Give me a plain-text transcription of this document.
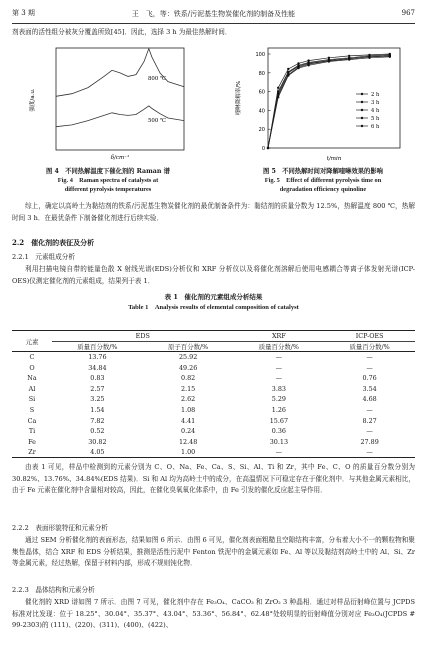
第 3 期	967
王　飞，等：铁系/污泥基生物炭催化剂的制备及性能
剂表面的活性组分被灰分覆盖所致[45]．因此，选择 3 h 为最佳热解时间．
强度/a.u.
δ/cm⁻¹
800 ℃
500 ℃
图 4　不同热解温度下催化剂的 Raman 谱
Fig. 4　Raman spectra of catalysts at
different pyrolysis temperatures
喹啉降解率/%
t/min
0
20
40
60
80
100
2 h
3 h
4 h
5 h
6 h
图 5　不同热解时间对降解喹啉效果的影响
Fig. 5　Effect of different pyrolysis time on
degradation efficiency quinoline
综上，确定以高岭土为黏结剂的铁系/污泥基生物炭催化剂的最优制备条件为：黏结剂的质量分数为 12.5%，热解温度 800 ℃，热解时间 3 h．在最优条件下制备催化剂进行后续实验．
2.2　催化剂的表征及分析
2.2.1　元素组成分析
利用扫描电镜自带的能量色散 X 射线光谱(EDS)分析仪和 XRF 分析仪以及将催化剂溶解后使用电感耦合等离子体发射光谱(ICP-OES)仪测定催化剂的元素组成，结果列于表 1．
表 1　催化剂的元素组成分析结果
Table 1　Analysis results of elemental composition of catalyst
元素	EDS		XRF	ICP-OES
	质量百分数/%	原子百分数/%	质量百分数/%	质量百分数/%
C	13.76	25.92	—	—
O	34.84	49.26	—	—
Na	0.83	0.82	—	0.76
Al	2.57	2.15	3.83	3.54
Si	3.25	2.62	5.29	4.68
S	1.54	1.08	1.26	—
Ca	7.82	4.41	15.67	8.27
Ti	0.52	0.24	0.36	—
Fe	30.82	12.48	30.13	27.89
Zr	4.05	1.00	—	—
由表 1 可见，样品中检测到的元素分别为 C、O、Na、Fe、Ca、S、Si、Al、Ti 和 Zr，其中 Fe、C、O 的质量百分数分别为 30.82%、13.76%、34.84%(EDS 结果)．Si 和 Al 均为高岭土中的成分，在高温情况下可稳定存在于催化剂中．与其他金属元素相比，由于 Fe 元素在催化剂中含量相对较高，因此，在催化臭氧氧化体系中，由 Fe 引发的催化反应起主导作用．
2.2.2　表面形貌特征和元素分析
通过 SEM 分析催化剂的表面形态，结果如图 6 所示．由图 6 可见，催化剂表面粗糙且空隙结构丰富，分布着大小不一的颗粒物和聚集性晶体，结合 XRF 和 EDS 分析结果，推测是活性污泥中 Fenton 铁泥中的金属元素如 Fe、Al 等以及黏结剂高岭土中的 Al、Si、Zr 等金属元素，经过热解，保留于材料内部，形成不规则钝化物．
2.2.3　晶体结构和元素分析
催化剂的 XRD 谱如图 7 所示．由图 7 可见，催化剂中存在 Fe₃O₄、CaCO₃ 和 ZrO₂ 3 种晶相．通过对样品衍射峰位置与 JCPDS 标准对比发现：位于 18.25°、30.04°、35.37°、43.04°、53.36°、56.84°、62.48°处较明显的衍射峰值分别对应 Fe₃O₄(JCPDS # 99-2303)的 (111)、(220)、(311)、(400)、(422)、
